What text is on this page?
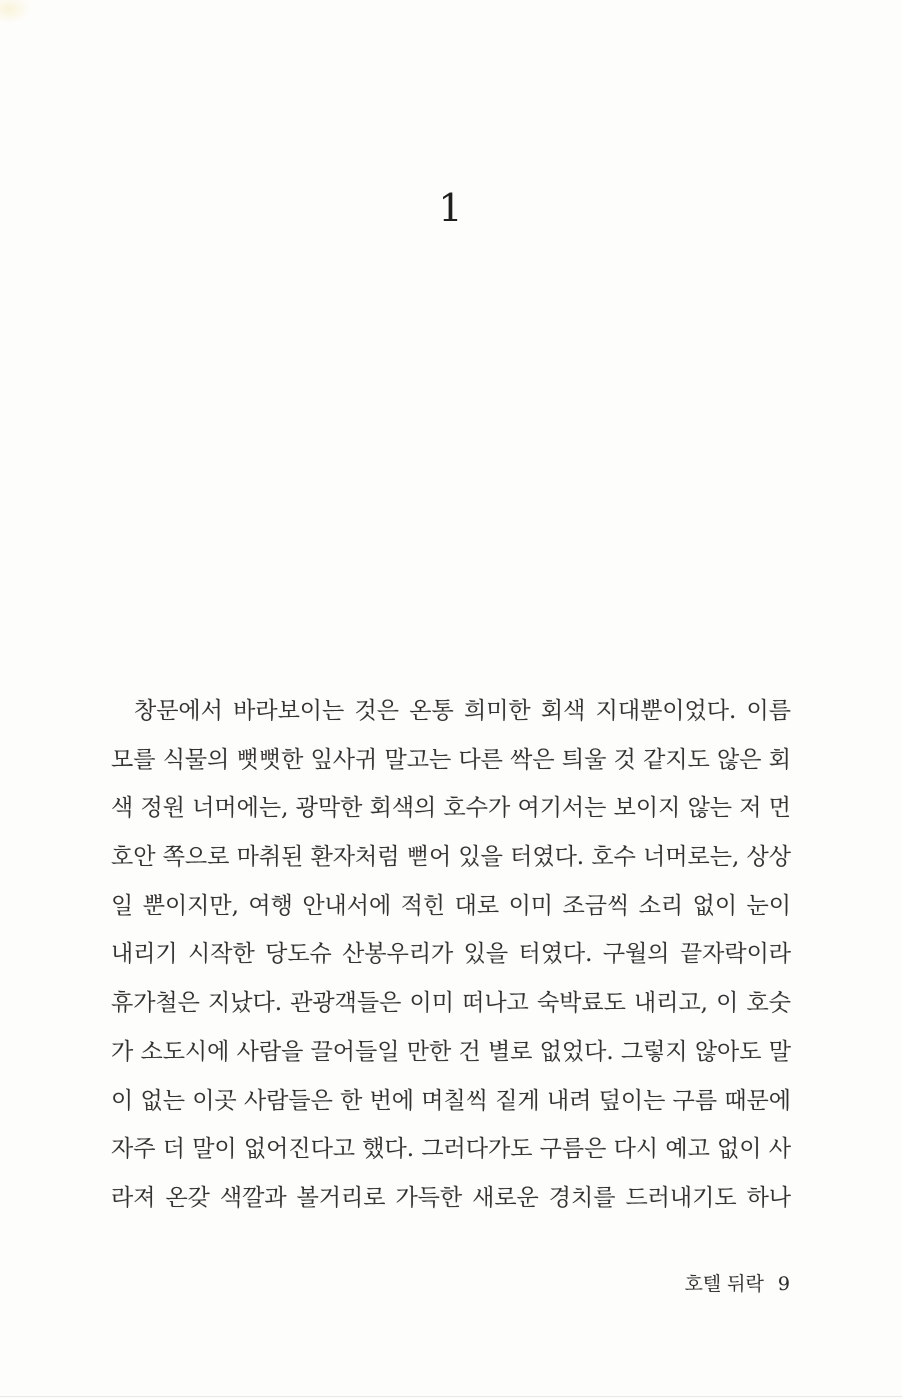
1
창문에서 바라보이는 것은 온통 희미한 회색 지대뿐이었다. 이름
모를 식물의 뻣뻣한 잎사귀 말고는 다른 싹은 틔울 것 같지도 않은 회
색 정원 너머에는, 광막한 회색의 호수가 여기서는 보이지 않는 저 먼
호안 쪽으로 마취된 환자처럼 뻗어 있을 터였다. 호수 너머로는, 상상
일 뿐이지만, 여행 안내서에 적힌 대로 이미 조금씩 소리 없이 눈이
내리기 시작한 당도슈 산봉우리가 있을 터였다. 구월의 끝자락이라
휴가철은 지났다. 관광객들은 이미 떠나고 숙박료도 내리고, 이 호숫
가 소도시에 사람을 끌어들일 만한 건 별로 없었다. 그렇지 않아도 말
이 없는 이곳 사람들은 한 번에 며칠씩 짙게 내려 덮이는 구름 때문에
자주 더 말이 없어진다고 했다. 그러다가도 구름은 다시 예고 없이 사
라져 온갖 색깔과 볼거리로 가득한 새로운 경치를 드러내기도 하나
호텔 뒤락 9
